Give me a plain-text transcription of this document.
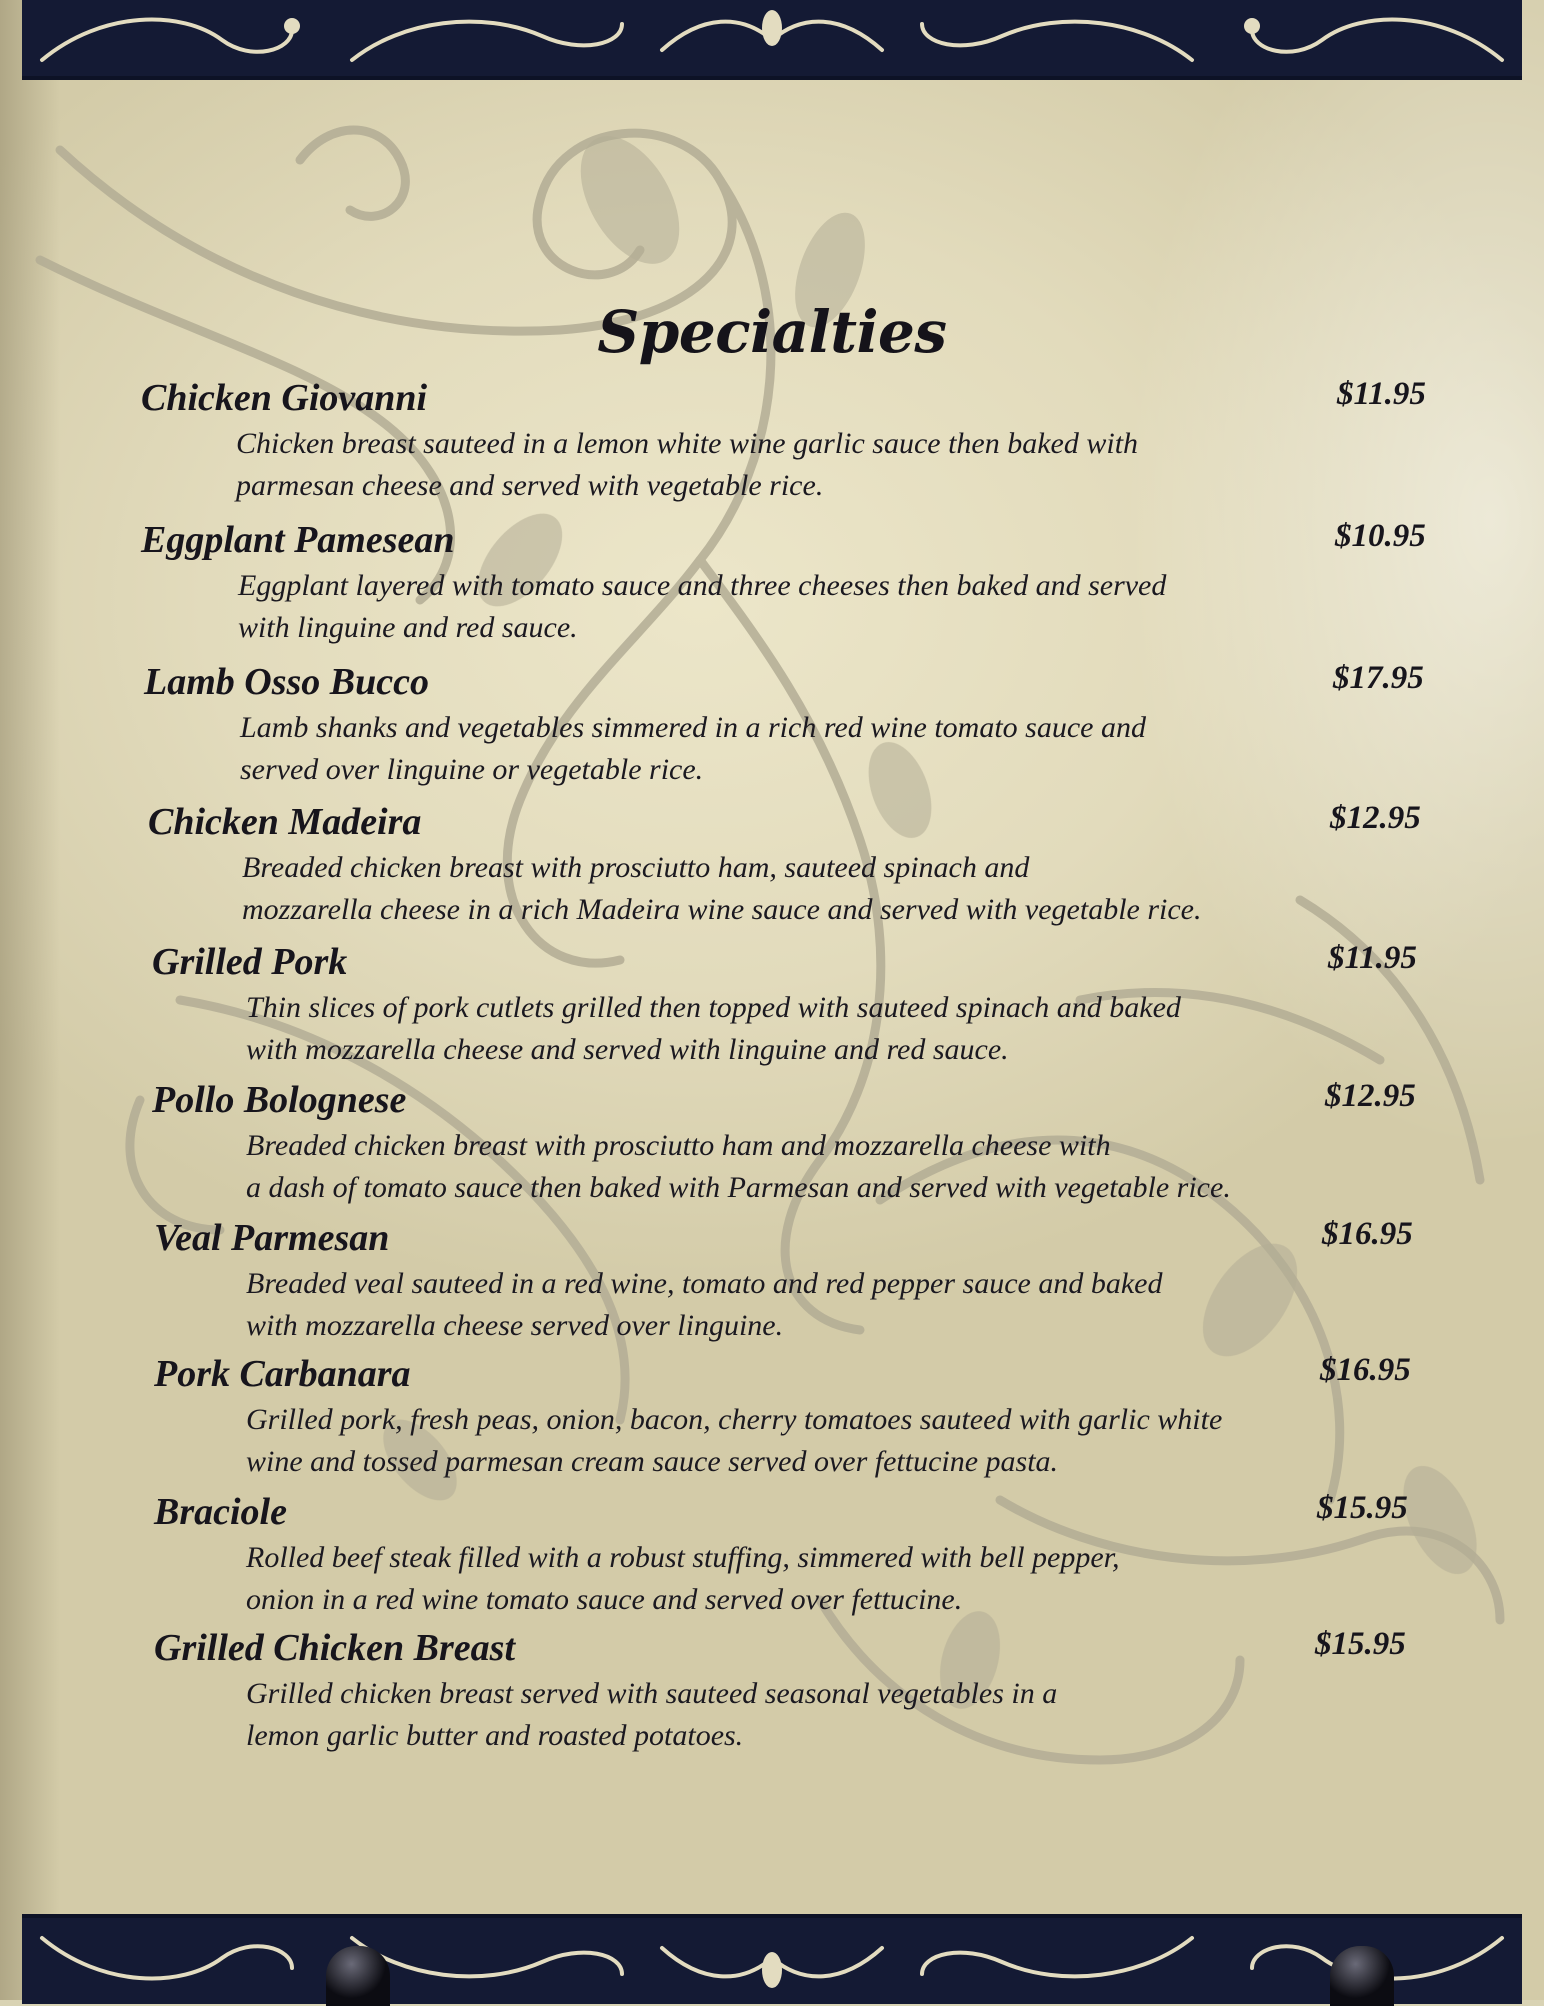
Specialties
Chicken Giovanni	$11.95
Chicken breast sauteed in a lemon white wine garlic sauce then baked with
parmesan cheese and served with vegetable rice.
Eggplant Pamesean	$10.95
Eggplant layered with tomato sauce and three cheeses then baked and served
with linguine and red sauce.
Lamb Osso Bucco	$17.95
Lamb shanks and vegetables simmered in a rich red wine tomato sauce and
served over linguine or vegetable rice.
Chicken Madeira	$12.95
Breaded chicken breast with prosciutto ham, sauteed spinach and
mozzarella cheese in a rich Madeira wine sauce and served with vegetable rice.
Grilled Pork	$11.95
Thin slices of pork cutlets grilled then topped with sauteed spinach and baked
with mozzarella cheese and served with linguine and red sauce.
Pollo Bolognese	$12.95
Breaded chicken breast with prosciutto ham and mozzarella cheese with
a dash of tomato sauce then baked with Parmesan and served with vegetable rice.
Veal Parmesan	$16.95
Breaded veal sauteed in a red wine, tomato and red pepper sauce and baked
with mozzarella cheese served over linguine.
Pork Carbanara	$16.95
Grilled pork, fresh peas, onion, bacon, cherry tomatoes sauteed with garlic white
wine and tossed parmesan cream sauce served over fettucine pasta.
Braciole	$15.95
Rolled beef steak filled with a robust stuffing, simmered with bell pepper,
onion in a red wine tomato sauce and served over fettucine.
Grilled Chicken Breast	$15.95
Grilled chicken breast served with sauteed seasonal vegetables in a
lemon garlic butter and roasted potatoes.
